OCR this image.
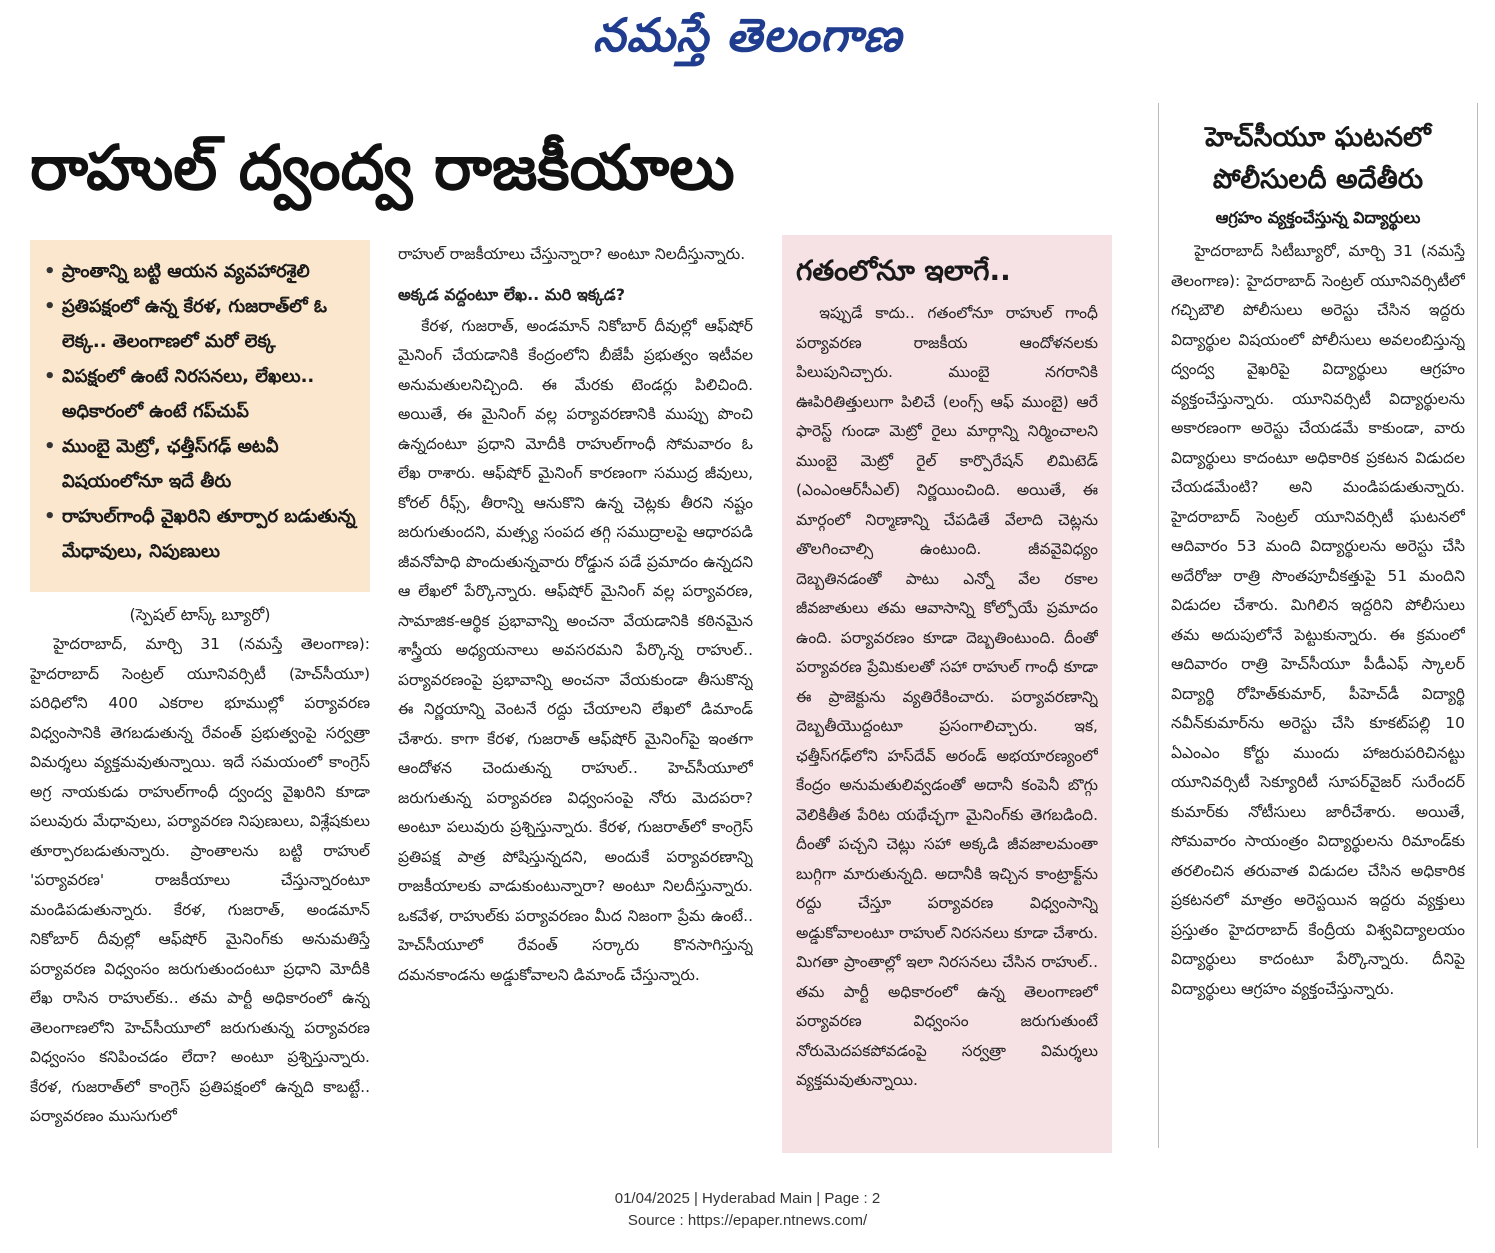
నమస్తే తెలంగాణ
రాహుల్ ద్వంద్వ రాజకీయాలు
• ప్రాంతాన్ని బట్టి ఆయన వ్యవహారశైలి
• ప్రతిపక్షంలో ఉన్న కేరళ, గుజరాత్‌లో ఓ లెక్క.. తెలంగాణలో మరో లెక్క
• విపక్షంలో ఉంటే నిరసనలు, లేఖలు.. అధికారంలో ఉంటే గప్‌చుప్
• ముంబై మెట్రో, ఛత్తీస్‌గఢ్ అటవీ విషయంలోనూ ఇదే తీరు
• రాహుల్‌గాంధీ వైఖరిని తూర్పార బడుతున్న మేధావులు, నిపుణులు
(స్పెషల్ టాస్క్ బ్యూరో)

హైదరాబాద్, మార్చి 31 (నమస్తే తెలంగాణ): హైదరాబాద్ సెంట్రల్ యూనివర్సిటీ (హెచ్‌సీయూ) పరిధిలోని 400 ఎకరాల భూముల్లో పర్యావరణ విధ్వంసానికి తెగబడుతున్న రేవంత్ ప్రభుత్వంపై సర్వత్రా విమర్శలు వ్యక్తమవుతున్నాయి. ఇదే సమయంలో కాంగ్రెస్ అగ్ర నాయకుడు రాహుల్‌గాంధీ ద్వంద్వ వైఖరిని కూడా పలువురు మేధావులు, పర్యావరణ నిపుణులు, విశ్లేషకులు తూర్పారబడుతున్నారు. ప్రాంతాలను బట్టి రాహుల్ 'పర్యావరణ' రాజకీయాలు చేస్తున్నారంటూ మండిపడుతున్నారు. కేరళ, గుజరాత్, అండమాన్ నికోబార్ దీవుల్లో ఆఫ్‌షోర్ మైనింగ్‌కు అనుమతిస్తే పర్యావరణ విధ్వంసం జరుగుతుందంటూ ప్రధాని మోదీకి లేఖ రాసిన రాహుల్‌కు.. తమ పార్టీ అధికారంలో ఉన్న తెలంగాణలోని హెచ్‌సీయూలో జరుగుతున్న పర్యావరణ విధ్వంసం కనిపించడం లేదా? అంటూ ప్రశ్నిస్తున్నారు. కేరళ, గుజరాత్‌లో కాంగ్రెస్ ప్రతిపక్షంలో ఉన్నది కాబట్టే.. పర్యావరణం ముసుగులో

రాహుల్ రాజకీయాలు చేస్తున్నారా? అంటూ నిలదీస్తున్నారు.

అక్కడ వద్దంటూ లేఖ.. మరి ఇక్కడ?

కేరళ, గుజరాత్, అండమాన్ నికోబార్ దీవుల్లో ఆఫ్‌షోర్ మైనింగ్ చేయడానికి కేంద్రంలోని బీజేపీ ప్రభుత్వం ఇటీవల అనుమతులనిచ్చింది. ఈ మేరకు టెండర్లు పిలిచింది. అయితే, ఈ మైనింగ్ వల్ల పర్యావరణానికి ముప్పు పొంచి ఉన్నదంటూ ప్రధాని మోదీకి రాహుల్‌గాంధీ సోమవారం ఓ లేఖ రాశారు. ఆఫ్‌షోర్ మైనింగ్ కారణంగా సముద్ర జీవులు, కోరల్ రీఫ్స్, తీరాన్ని ఆనుకొని ఉన్న చెట్లకు తీరని నష్టం జరుగుతుందని, మత్స్య సంపద తగ్గి సముద్రాలపై ఆధారపడి జీవనోపాధి పొందుతున్నవారు రోడ్డున పడే ప్రమాదం ఉన్నదని ఆ లేఖలో పేర్కొన్నారు. ఆఫ్‌షోర్ మైనింగ్ వల్ల పర్యావరణ, సామాజిక-ఆర్థిక ప్రభావాన్ని అంచనా వేయడానికి కఠినమైన శాస్త్రీయ అధ్యయనాలు అవసరమని పేర్కొన్న రాహుల్.. పర్యావరణంపై ప్రభావాన్ని అంచనా వేయకుండా తీసుకొన్న ఈ నిర్ణయాన్ని వెంటనే రద్దు చేయాలని లేఖలో డిమాండ్ చేశారు. కాగా కేరళ, గుజరాత్ ఆఫ్‌షోర్ మైనింగ్‌పై ఇంతగా ఆందోళన చెందుతున్న రాహుల్.. హెచ్‌సీయూలో జరుగుతున్న పర్యావరణ విధ్వంసంపై నోరు మెదపరా? అంటూ పలువురు ప్రశ్నిస్తున్నారు. కేరళ, గుజరాత్‌లో కాంగ్రెస్ ప్రతిపక్ష పాత్ర పోషిస్తున్నదని, అందుకే పర్యావరణాన్ని రాజకీయాలకు వాడుకుంటున్నారా? అంటూ నిలదీస్తున్నారు. ఒకవేళ, రాహుల్‌కు పర్యావరణం మీద నిజంగా ప్రేమ ఉంటే.. హెచ్‌సీయూలో రేవంత్ సర్కారు కొనసాగిస్తున్న దమనకాండను అడ్డుకోవాలని డిమాండ్ చేస్తున్నారు.

గతంలోనూ ఇలాగే..

ఇప్పుడే కాదు.. గతంలోనూ రాహుల్ గాంధీ పర్యావరణ రాజకీయ ఆందోళనలకు పిలుపునిచ్చారు. ముంబై నగరానికి ఊపిరితిత్తులుగా పిలిచే (లంగ్స్ ఆఫ్ ముంబై) ఆరే ఫారెస్ట్ గుండా మెట్రో రైలు మార్గాన్ని నిర్మించాలని ముంబై మెట్రో రైల్ కార్పొరేషన్ లిమిటెడ్ (ఎంఎంఆర్‌సీఎల్) నిర్ణయించింది. అయితే, ఈ మార్గంలో నిర్మాణాన్ని చేపడితే వేలాది చెట్లను తొలగించాల్సి ఉంటుంది. జీవవైవిధ్యం దెబ్బతినడంతో పాటు ఎన్నో వేల రకాల జీవజాతులు తమ ఆవాసాన్ని కోల్పోయే ప్రమాదం ఉంది. పర్యావరణం కూడా దెబ్బతింటుంది. దీంతో పర్యావరణ ప్రేమికులతో సహా రాహుల్ గాంధీ కూడా ఈ ప్రాజెక్టును వ్యతిరేకించారు. పర్యావరణాన్ని దెబ్బతీయొద్దంటూ ప్రసంగాలిచ్చారు. ఇక, ఛత్తీస్‌గఢ్‌లోని హస్‌దేవ్ అరండ్ అభయారణ్యంలో కేంద్రం అనుమతులివ్వడంతో అదానీ కంపెనీ బొగ్గు వెలికితీత పేరిట యథేచ్ఛగా మైనింగ్‌కు తెగబడింది. దీంతో పచ్చని చెట్లు సహా అక్కడి జీవజాలమంతా బుగ్గిగా మారుతున్నది. అదానీకి ఇచ్చిన కాంట్రాక్ట్‌ను రద్దు చేస్తూ పర్యావరణ విధ్వంసాన్ని అడ్డుకోవాలంటూ రాహుల్ నిరసనలు కూడా చేశారు. మిగతా ప్రాంతాల్లో ఇలా నిరసనలు చేసిన రాహుల్.. తమ పార్టీ అధికారంలో ఉన్న తెలంగాణలో పర్యావరణ విధ్వంసం జరుగుతుంటే నోరుమెదపకపోవడంపై సర్వత్రా విమర్శలు వ్యక్తమవుతున్నాయి.

హెచ్‌సీయూ ఘటనలో
పోలీసులదీ అదేతీరు
ఆగ్రహం వ్యక్తంచేస్తున్న విద్యార్థులు

హైదరాబాద్ సిటీబ్యూరో, మార్చి 31 (నమస్తే తెలంగాణ): హైదరాబాద్ సెంట్రల్ యూనివర్సిటీలో గచ్చిబౌలి పోలీసులు అరెస్టు చేసిన ఇద్దరు విద్యార్థుల విషయంలో పోలీసులు అవలంబిస్తున్న ద్వంద్వ వైఖరిపై విద్యార్థులు ఆగ్రహం వ్యక్తంచేస్తున్నారు. యూనివర్సిటీ విద్యార్థులను అకారణంగా అరెస్టు చేయడమే కాకుండా, వారు విద్యార్థులు కాదంటూ అధికారిక ప్రకటన విడుదల చేయడమేంటి? అని మండిపడుతున్నారు. హైదరాబాద్ సెంట్రల్ యూనివర్సిటీ ఘటనలో ఆదివారం 53 మంది విద్యార్థులను అరెస్టు చేసి అదేరోజు రాత్రి సొంతపూచీకత్తుపై 51 మందిని విడుదల చేశారు. మిగిలిన ఇద్దరిని పోలీసులు తమ అదుపులోనే పెట్టుకున్నారు. ఈ క్రమంలో ఆదివారం రాత్రి హెచ్‌సీయూ పీడీఎఫ్ స్కాలర్ విద్యార్థి రోహిత్‌కుమార్, పీహెచ్‌డీ విద్యార్థి నవీన్‌కుమార్‌ను అరెస్టు చేసి కూకట్‌పల్లి 10 ఏఎంఎం కోర్టు ముందు హాజరుపరిచినట్టు యూనివర్సిటీ సెక్యూరిటీ సూపర్‌వైజర్ సురేందర్ కుమార్‌కు నోటీసులు జారీచేశారు. అయితే, సోమవారం సాయంత్రం విద్యార్థులను రిమాండ్‌కు తరలించిన తరువాత విడుదల చేసిన అధికారిక ప్రకటనలో మాత్రం అరెస్టయిన ఇద్దరు వ్యక్తులు ప్రస్తుతం హైదరాబాద్ కేంద్రీయ విశ్వవిద్యాలయం విద్యార్థులు కాదంటూ పేర్కొన్నారు. దీనిపై విద్యార్థులు ఆగ్రహం వ్యక్తంచేస్తున్నారు.

01/04/2025 | Hyderabad Main | Page : 2
Source : https://epaper.ntnews.com/
